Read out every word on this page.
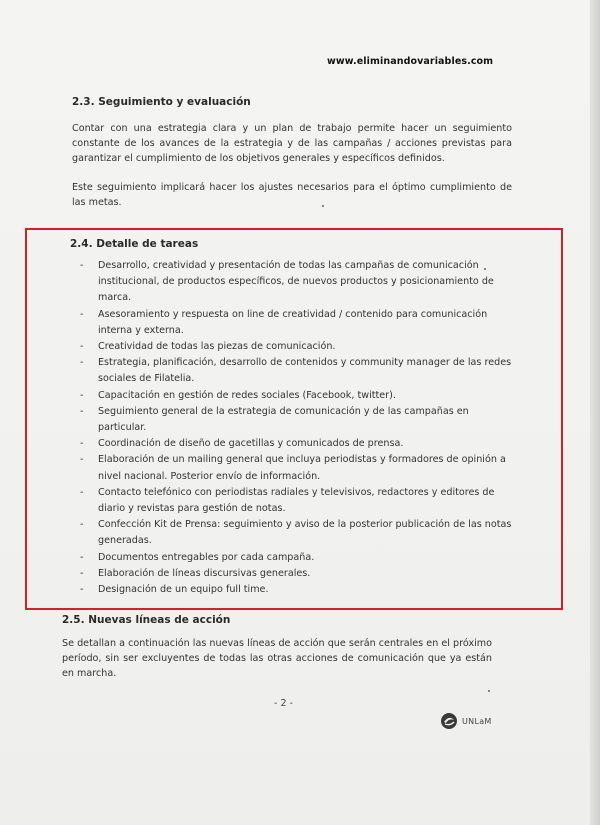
www.eliminandovariables.com
2.3. Seguimiento y evaluación

Contar con una estrategia clara y un plan de trabajo permite hacer un seguimiento constante de los avances de la estrategia y de las campañas / acciones previstas para garantizar el cumplimiento de los objetivos generales y específicos definidos.

Este seguimiento implicará hacer los ajustes necesarios para el óptimo cumplimiento de las metas.

2.4. Detalle de tareas
- Desarrollo, creatividad y presentación de todas las campañas de comunicación institucional, de productos específicos, de nuevos productos y posicionamiento de marca.
- Asesoramiento y respuesta on line de creatividad / contenido para comunicación interna y externa.
- Creatividad de todas las piezas de comunicación.
- Estrategia, planificación, desarrollo de contenidos y community manager de las redes sociales de Filatelia.
- Capacitación en gestión de redes sociales (Facebook, twitter).
- Seguimiento general de la estrategia de comunicación y de las campañas en particular.
- Coordinación de diseño de gacetillas y comunicados de prensa.
- Elaboración de un mailing general que incluya periodistas y formadores de opinión a nivel nacional. Posterior envío de información.
- Contacto telefónico con periodistas radiales y televisivos, redactores y editores de diario y revistas para gestión de notas.
- Confección Kit de Prensa: seguimiento y aviso de la posterior publicación de las notas generadas.
- Documentos entregables por cada campaña.
- Elaboración de líneas discursivas generales.
- Designación de un equipo full time.
2.5. Nuevas líneas de acción

Se detallan a continuación las nuevas líneas de acción que serán centrales en el próximo período, sin ser excluyentes de todas las otras acciones de comunicación que ya están en marcha.

- 2 -
UNLaM
